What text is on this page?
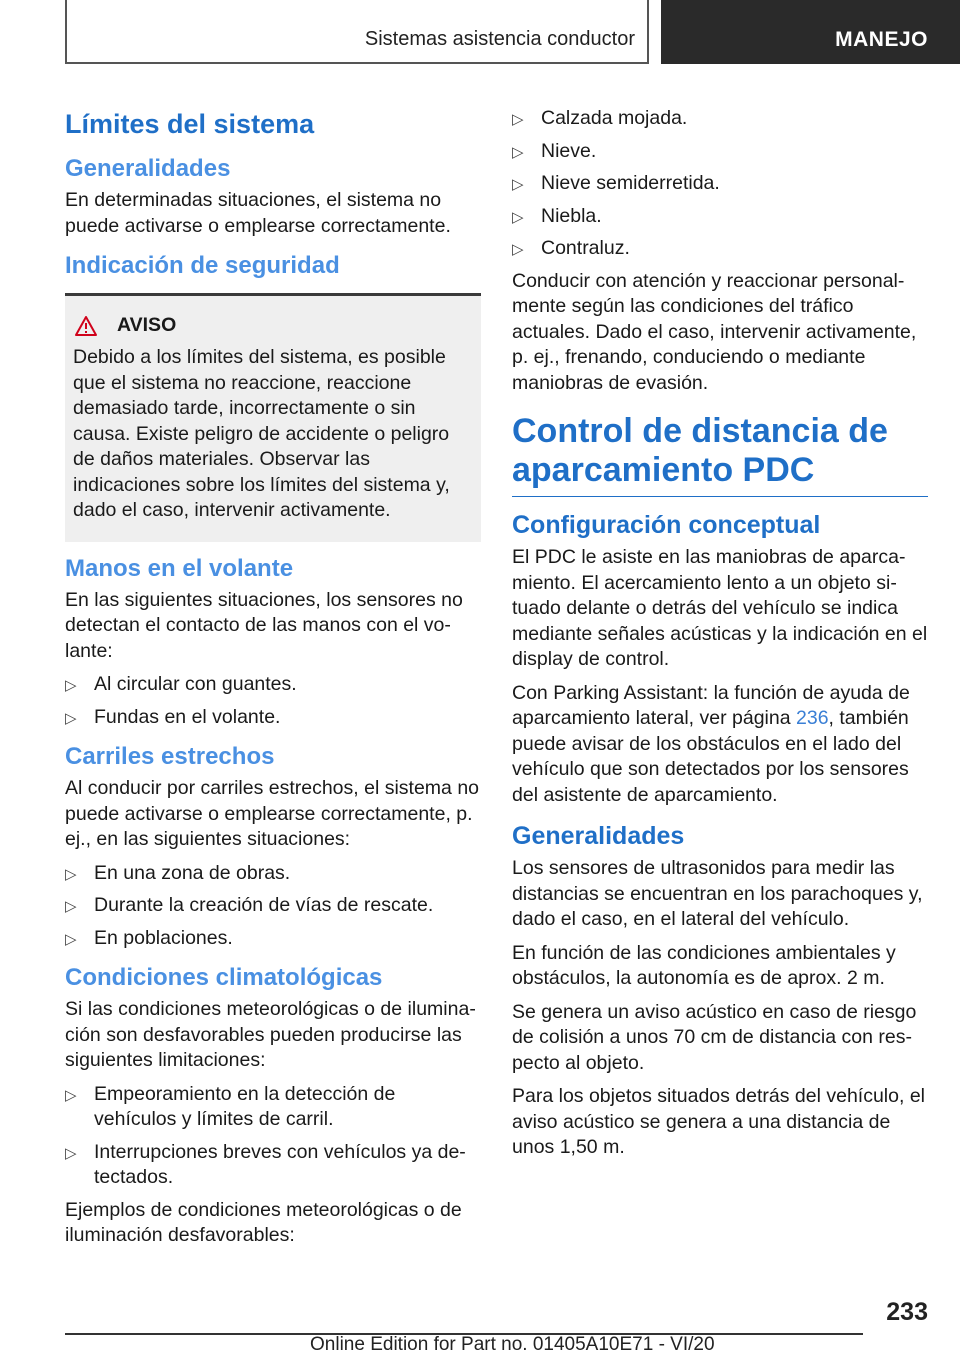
Sistemas asistencia conductor	MANEJO
Límites del sistema
Generalidades

En determinadas situaciones, el sistema no puede activarse o emplearse correctamente.

Indicación de seguridad
AVISO

Debido a los límites del sistema, es posible que el sistema no reaccione, reaccione demasiado tarde, incorrectamente o sin causa. Existe peligro de accidente o peligro de daños materiales. Observar las indicaciones sobre los límites del sistema y, dado el caso, intervenir activamente.

Manos en el volante

En las siguientes situaciones, los sensores no detectan el contacto de las manos con el volante:

▷ Al circular con guantes.
▷ Fundas en el volante.
Carriles estrechos

Al conducir por carriles estrechos, el sistema no puede activarse o emplearse correctamente, p. ej., en las siguientes situaciones:

▷ En una zona de obras.
▷ Durante la creación de vías de rescate.
▷ En poblaciones.
Condiciones climatológicas

Si las condiciones meteorológicas o de iluminación son desfavorables pueden producirse las siguientes limitaciones:

▷ Empeoramiento en la detección de vehículos y límites de carril.
▷ Interrupciones breves con vehículos ya detectados.

Ejemplos de condiciones meteorológicas o de iluminación desfavorables:

▷ Calzada mojada.
▷ Nieve.
▷ Nieve semiderretida.
▷ Niebla.
▷ Contraluz.

Conducir con atención y reaccionar personalmente según las condiciones del tráfico actuales. Dado el caso, intervenir activamente, p. ej., frenando, conduciendo o mediante maniobras de evasión.

Control de distancia de aparcamiento PDC
Configuración conceptual

El PDC le asiste en las maniobras de aparcamiento. El acercamiento lento a un objeto situado delante o detrás del vehículo se indica mediante señales acústicas y la indicación en el display de control.

Con Parking Assistant: la función de ayuda de aparcamiento lateral, ver página 236, también puede avisar de los obstáculos en el lado del vehículo que son detectados por los sensores del asistente de aparcamiento.

Generalidades

Los sensores de ultrasonidos para medir las distancias se encuentran en los parachoques y, dado el caso, en el lateral del vehículo.

En función de las condiciones ambientales y obstáculos, la autonomía es de aprox. 2 m.

Se genera un aviso acústico en caso de riesgo de colisión a unos 70 cm de distancia con respecto al objeto.

Para los objetos situados detrás del vehículo, el aviso acústico se genera a una distancia de unos 1,50 m.

233
Online Edition for Part no. 01405A10E71 - VI/20
